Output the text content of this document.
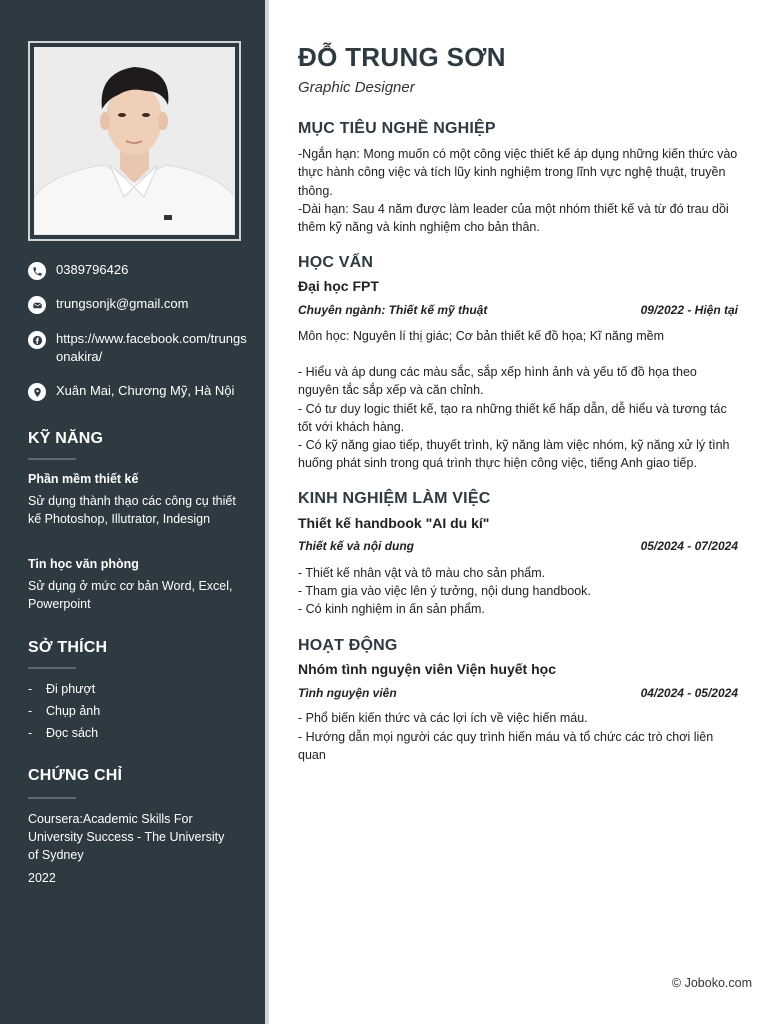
0389796426
trungsonjk@gmail.com
https://www.facebook.com/trungsonakira/
Xuân Mai, Chương Mỹ, Hà Nội
KỸ NĂNG
Phần mềm thiết kế
Sử dụng thành thạo các công cụ thiết kế Photoshop, Illutrator, Indesign
Tin học văn phòng
Sử dụng ở mức cơ bản Word, Excel, Powerpoint
SỞ THÍCH
- Đi phượt
- Chụp ảnh
- Đọc sách
CHỨNG CHỈ
Coursera:Academic Skills For University Success - The University of Sydney
2022
ĐỖ TRUNG SƠN
Graphic Designer
MỤC TIÊU NGHỀ NGHIỆP
-Ngắn hạn: Mong muốn có một công việc thiết kế áp dụng những kiến thức vào thực hành công việc và tích lũy kinh nghiệm trong lĩnh vực nghệ thuật, truyền thông.
-Dài hạn: Sau 4 năm được làm leader của một nhóm thiết kế và từ đó trau dồi thêm kỹ năng và kinh nghiệm cho bản thân.
HỌC VẤN
Đại học FPT
Chuyên ngành: Thiết kế mỹ thuật	09/2022 - Hiện tại
Môn học: Nguyên lí thị giác; Cơ bản thiết kế đồ họa; Kĩ năng mềm
- Hiểu và áp dung các màu sắc, sắp xếp hình ảnh và yếu tố đồ họa theo nguyên tắc sắp xếp và căn chỉnh.
- Có tư duy logic thiết kế, tạo ra những thiết kế hấp dẫn, dễ hiểu và tương tác tốt với khách hàng.
- Có kỹ năng giao tiếp, thuyết trình, kỹ năng làm việc nhóm, kỹ năng xử lý tình huống phát sinh trong quá trình thực hiện công việc, tiếng Anh giao tiếp.
KINH NGHIỆM LÀM VIỆC
Thiết kế handbook "AI du kí"
Thiết kế và nội dung	05/2024 - 07/2024
- Thiết kế nhân vật và tô màu cho sản phẩm.
- Tham gia vào việc lên ý tưởng, nội dung handbook.
- Có kinh nghiệm in ấn sản phẩm.
HOẠT ĐỘNG
Nhóm tình nguyện viên Viện huyết học
Tình nguyện viên	04/2024 - 05/2024
- Phổ biến kiến thức và các lợi ích về việc hiến máu.
- Hướng dẫn mọi người các quy trình hiến máu và tổ chức các trò chơi liên quan
© Joboko.com
